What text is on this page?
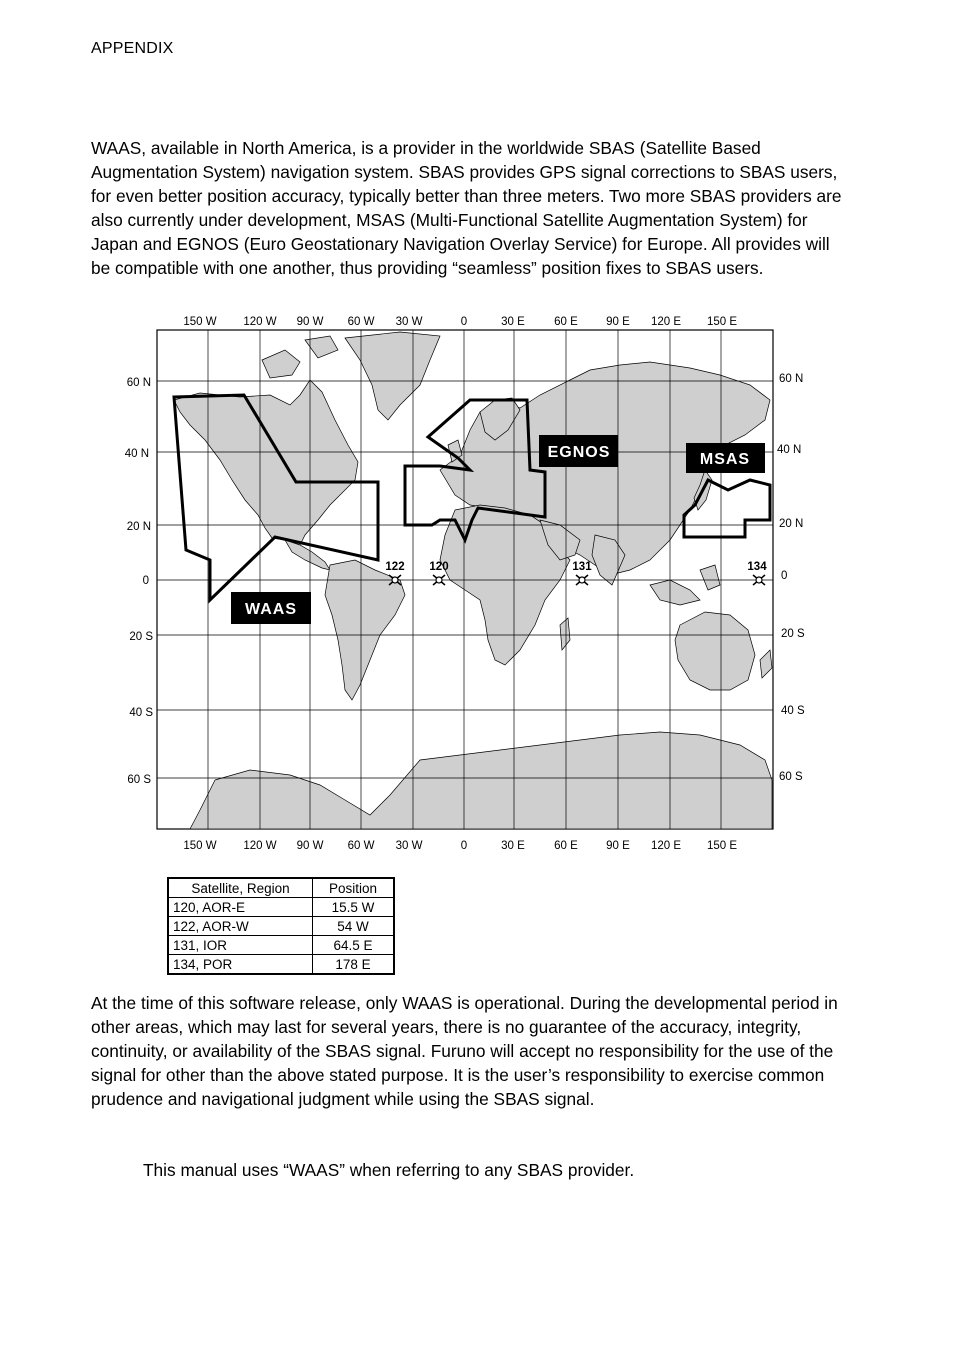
APPENDIX

WAAS, available in North America, is a provider in the worldwide SBAS (Satellite Based Augmentation System) navigation system. SBAS provides GPS signal corrections to SBAS users, for even better position accuracy, typically better than three meters. Two more SBAS providers are also currently under development, MSAS (Multi-Functional Satellite Augmentation System) for Japan and EGNOS (Euro Geostationary Navigation Overlay Service) for Europe. All provides will be compatible with one another, thus providing “seamless” position fixes to SBAS users.

WAAS
EGNOS	MSAS
122 120	131	134
150 W 120 W 90 W 60 W 30 W	0	30 E	60 E 90 E 120 E 150 E
150 W 120 W 90 W 60 W 30 W	0	30 E	60 E 90 E 120 E 150 E
60 N
40 N
20 N
0
20 S
40 S
60 S
60 N
40 N
20 N
0
20 S
40 S
60 S
Satellite, Region	Position
120, AOR-E	15.5 W
122, AOR-W	54 W
131, IOR	64.5 E
134, POR	178 E

At the time of this software release, only WAAS is operational. During the developmental period in other areas, which may last for several years, there is no guarantee of the accuracy, integrity, continuity, or availability of the SBAS signal. Furuno will accept no responsibility for the use of the signal for other than the above stated purpose. It is the user’s responsibility to exercise common prudence and navigational judgment while using the SBAS signal.

This manual uses “WAAS” when referring to any SBAS provider.
